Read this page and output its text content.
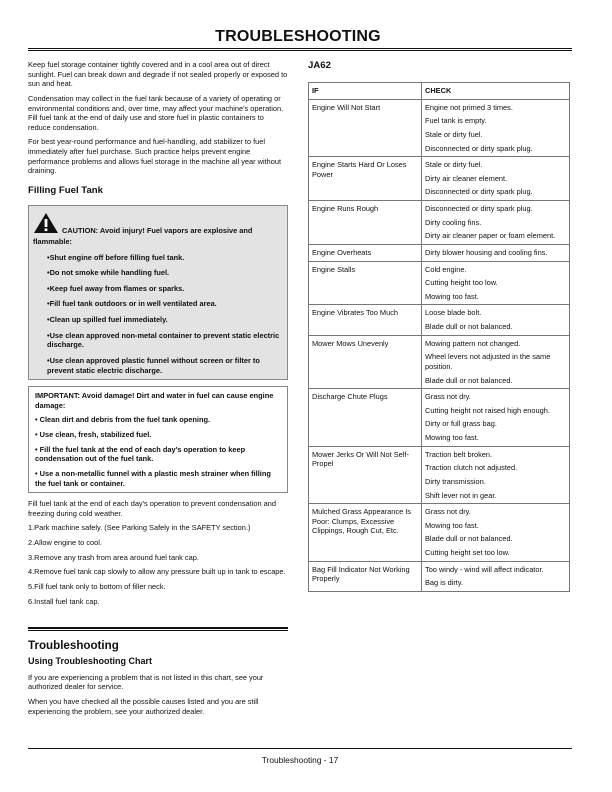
TROUBLESHOOTING

Keep fuel storage container tightly covered and in a cool area out of direct sunlight. Fuel can break down and degrade if not sealed properly or exposed to sun and heat.

Condensation may collect in the fuel tank because of a variety of operating or environmental conditions and, over time, may affect your machine's operation. Fill fuel tank at the end of daily use and store fuel in plastic containers to reduce condensation.

For best year-round performance and fuel-handling, add stabilizer to fuel immediately after fuel purchase. Such practice helps prevent engine performance problems and allows fuel storage in the machine all year without draining.

Filling Fuel Tank
CAUTION: Avoid injury! Fuel vapors are explosive and flammable:
•Shut engine off before filling fuel tank.
•Do not smoke while handling fuel.
•Keep fuel away from flames or sparks.
•Fill fuel tank outdoors or in well ventilated area.
•Clean up spilled fuel immediately.
•Use clean approved non-metal container to prevent static electric discharge.
•Use clean approved plastic funnel without screen or filter to prevent static electric discharge.
IMPORTANT: Avoid damage! Dirt and water in fuel can cause engine damage:
• Clean dirt and debris from the fuel tank opening.
• Use clean, fresh, stabilized fuel.
• Fill the fuel tank at the end of each day's operation to keep condensation out of the fuel tank.
• Use a non-metallic funnel with a plastic mesh strainer when filling the fuel tank or container.

Fill fuel tank at the end of each day's operation to prevent condensation and freezing during cold weather.

1.Park machine safely. (See Parking Safely in the SAFETY section.)
2.Allow engine to cool.
3.Remove any trash from area around fuel tank cap.
4.Remove fuel tank cap slowly to allow any pressure built up in tank to escape.
5.Fill fuel tank only to bottom of filler neck.
6.Install fuel tank cap.
Troubleshooting
Using Troubleshooting Chart

If you are experiencing a problem that is not listed in this chart, see your authorized dealer for service.

When you have checked all the possible causes listed and you are still experiencing the problem, see your authorized dealer.

JA62
IF	CHECK
Engine Will Not Start	Engine not primed 3 times.
Fuel tank is empty.
Stale or dirty fuel.
Disconnected or dirty spark plug.

Engine Starts Hard Or Loses Power	Stale or dirty fuel.
Dirty air cleaner element.
Disconnected or dirty spark plug.

Engine Runs Rough	Disconnected or dirty spark plug.
Dirty cooling fins.
Dirty air cleaner paper or foam element.

Engine Overheats	Dirty blower housing and cooling fins.

Engine Stalls	Cold engine.
Cutting height too low.
Mowing too fast.

Engine Vibrates Too Much	Loose blade bolt.
Blade dull or not balanced.

Mower Mows Unevenly	Mowing pattern not changed.
Wheel levers not adjusted in the same position.
Blade dull or not balanced.

Discharge Chute Plugs	Grass not dry.
Cutting height not raised high enough.
Dirty or full grass bag.
Mowing too fast.

Mower Jerks Or Will Not Self-Propel	Traction belt broken.
Traction clutch not adjusted.
Dirty transmission.
Shift lever not in gear.

Mulched Grass Appearance Is Poor: Clumps, Excessive Clippings, Rough Cut, Etc.	Grass not dry.
Mowing too fast.
Blade dull or not balanced.
Cutting height set too low.

Bag Fill Indicator Not Working Properly	Too windy - wind will affect indicator.
Bag is dirty.
Troubleshooting - 17
